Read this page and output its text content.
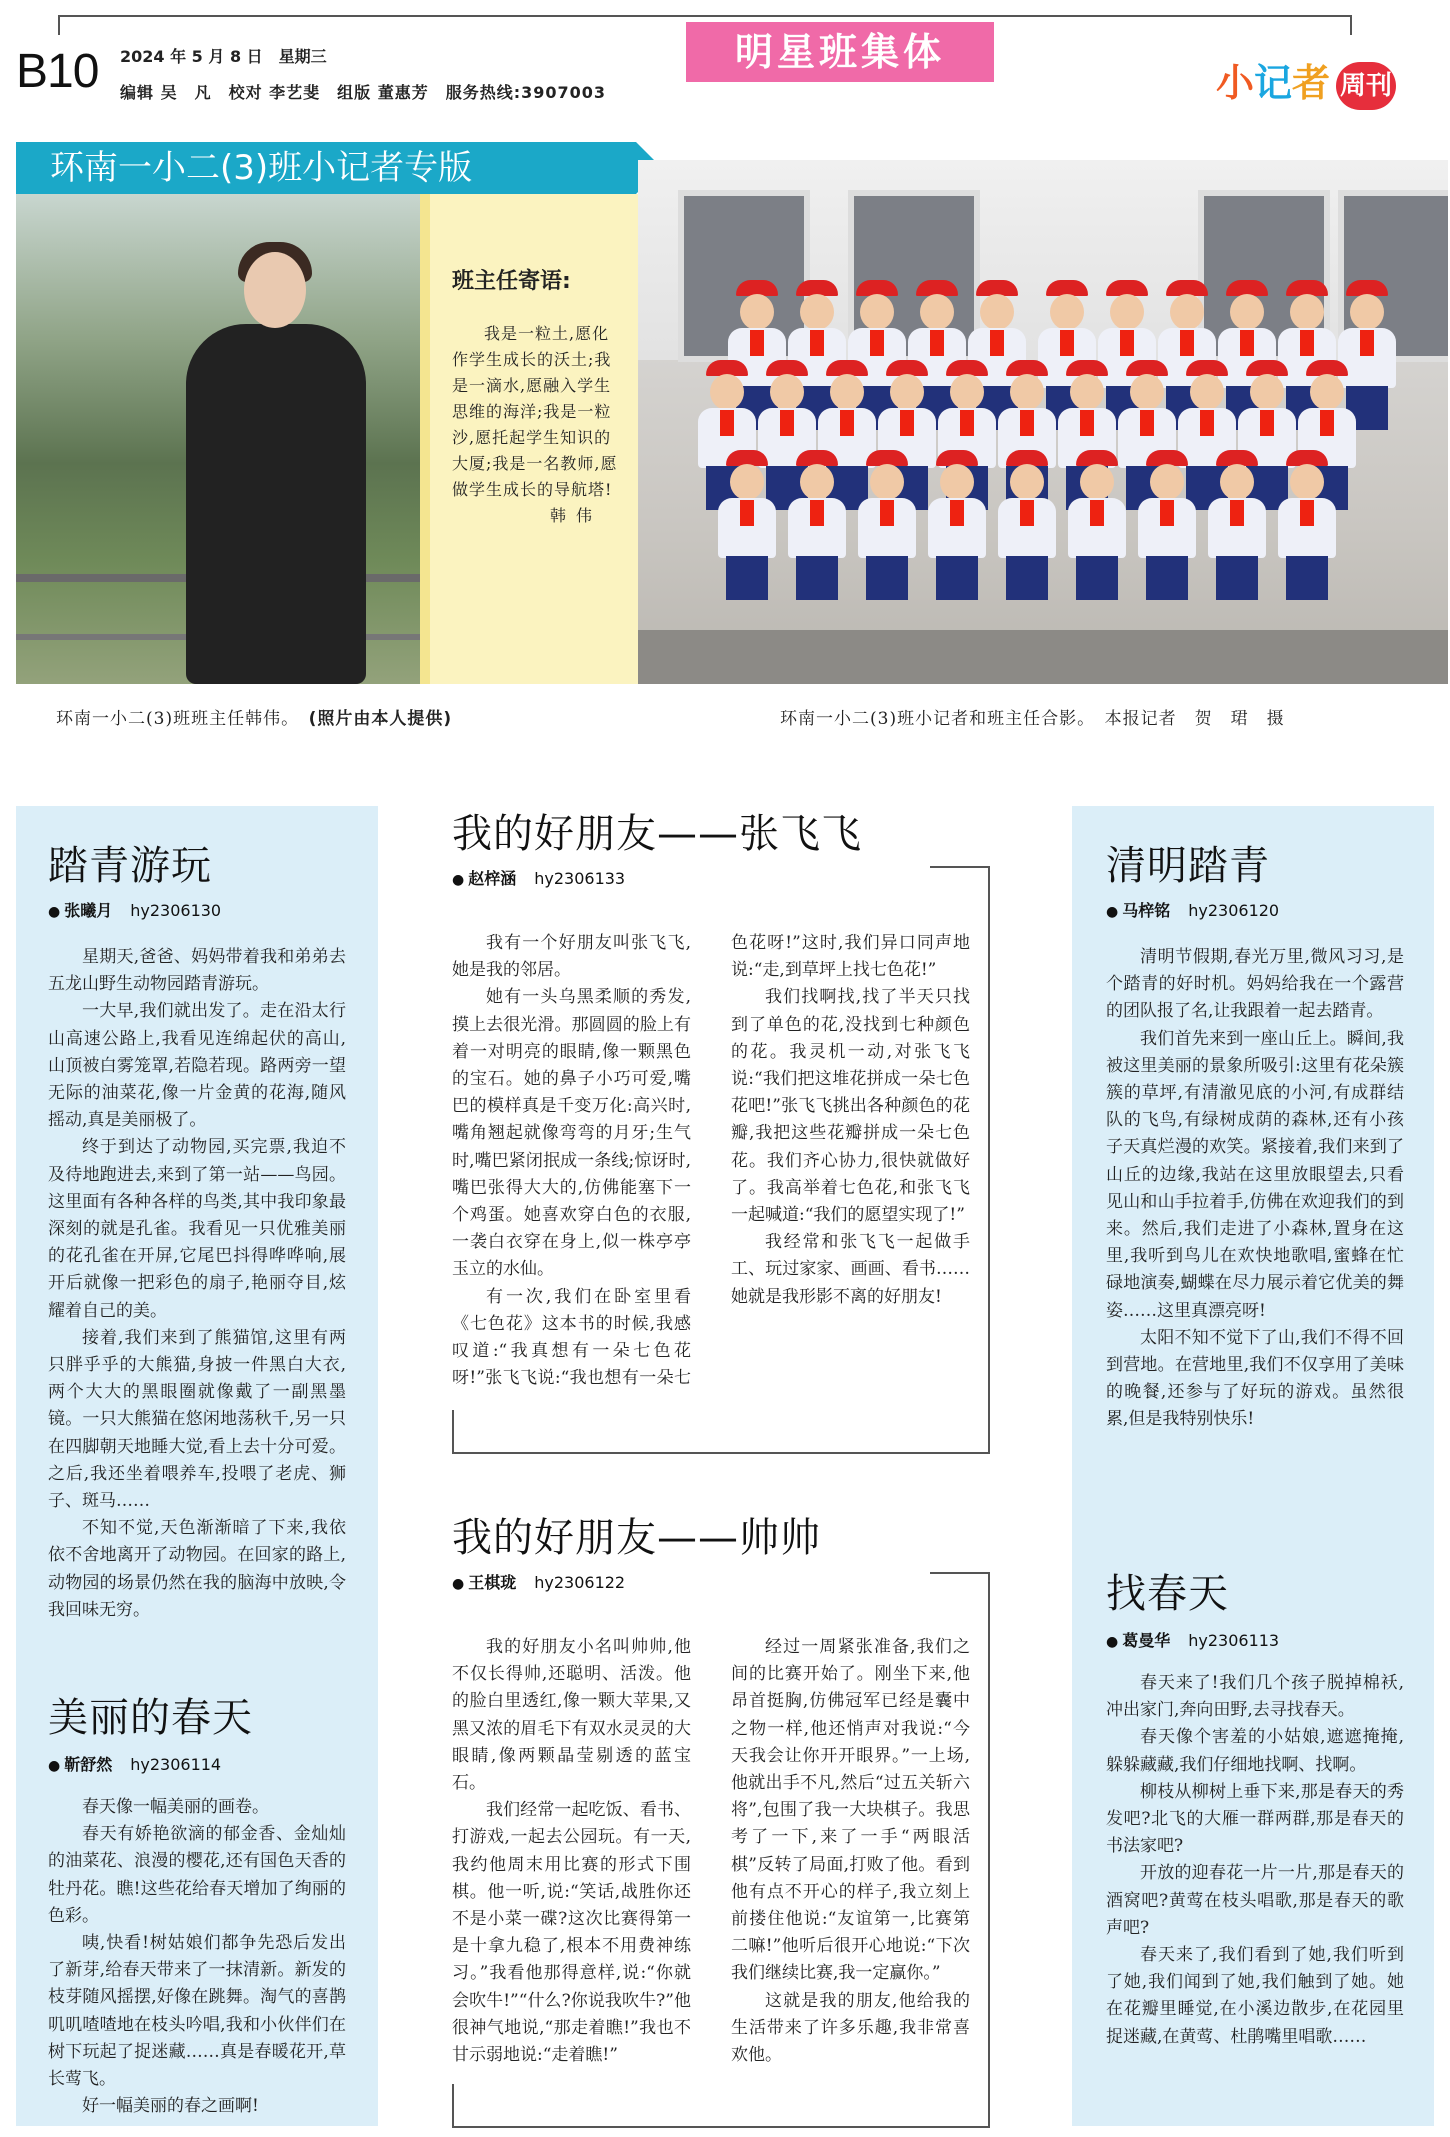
B10 2024 年 5 月 8 日　星期三
编辑 吴　凡　校对 李艺斐　组版 董惠芳　服务热线:3907003
明星班集体
小记者 周刊
环南一小二(3)班小记者专版
班主任寄语:
我是一粒土,愿化作学生成长的沃土;我是一滴水,愿融入学生思维的海洋;我是一粒沙,愿托起学生知识的大厦;我是一名教师,愿做学生成长的导航塔!
韩伟
环南一小二(3)班班主任韩伟。　 (照片由本人提供)	环南一小二(3)班小记者和班主任合影。　 本报记者　贺　珺　摄
踏青游玩
● 张曦月 hy2306130

星期天,爸爸、妈妈带着我和弟弟去五龙山野生动物园踏青游玩。

一大早,我们就出发了。走在沿太行山高速公路上,我看见连绵起伏的高山,山顶被白雾笼罩,若隐若现。路两旁一望无际的油菜花,像一片金黄的花海,随风摇动,真是美丽极了。

终于到达了动物园,买完票,我迫不及待地跑进去,来到了第一站——鸟园。这里面有各种各样的鸟类,其中我印象最深刻的就是孔雀。我看见一只优雅美丽的花孔雀在开屏,它尾巴抖得哗哗响,展开后就像一把彩色的扇子,艳丽夺目,炫耀着自己的美。

接着,我们来到了熊猫馆,这里有两只胖乎乎的大熊猫,身披一件黑白大衣,两个大大的黑眼圈就像戴了一副黑墨镜。一只大熊猫在悠闲地荡秋千,另一只在四脚朝天地睡大觉,看上去十分可爱。之后,我还坐着喂养车,投喂了老虎、狮子、斑马……

不知不觉,天色渐渐暗了下来,我依依不舍地离开了动物园。在回家的路上,动物园的场景仍然在我的脑海中放映,令我回味无穷。

美丽的春天
● 靳舒然 hy2306114

春天像一幅美丽的画卷。

春天有娇艳欲滴的郁金香、金灿灿的油菜花、浪漫的樱花,还有国色天香的牡丹花。瞧!这些花给春天增加了绚丽的色彩。

咦,快看!树姑娘们都争先恐后发出了新芽,给春天带来了一抹清新。新发的枝芽随风摇摆,好像在跳舞。淘气的喜鹊叽叽喳喳地在枝头吟唱,我和小伙伴们在树下玩起了捉迷藏……真是春暖花开,草长莺飞。

好一幅美丽的春之画啊!

我的好朋友——张飞飞
● 赵梓涵 hy2306133

我有一个好朋友叫张飞飞,她是我的邻居。

她有一头乌黑柔顺的秀发,摸上去很光滑。那圆圆的脸上有着一对明亮的眼睛,像一颗黑色的宝石。她的鼻子小巧可爱,嘴巴的模样真是千变万化:高兴时,嘴角翘起就像弯弯的月牙;生气时,嘴巴紧闭抿成一条线;惊讶时,嘴巴张得大大的,仿佛能塞下一个鸡蛋。她喜欢穿白色的衣服,一袭白衣穿在身上,似一株亭亭玉立的水仙。

有一次,我们在卧室里看《七色花》这本书的时候,我感叹道:“我真想有一朵七色花呀!”张飞飞说:“我也想有一朵七色花呀!”这时,我们异口同声地说:“走,到草坪上找七色花!”

我们找啊找,找了半天只找到了单色的花,没找到七种颜色的花。我灵机一动,对张飞飞说:“我们把这堆花拼成一朵七色花吧!”张飞飞挑出各种颜色的花瓣,我把这些花瓣拼成一朵七色花。我们齐心协力,很快就做好了。我高举着七色花,和张飞飞一起喊道:“我们的愿望实现了!”

我经常和张飞飞一起做手工、玩过家家、画画、看书……她就是我形影不离的好朋友!

我的好朋友——帅帅
● 王棋珑 hy2306122

我的好朋友小名叫帅帅,他不仅长得帅,还聪明、活泼。他的脸白里透红,像一颗大苹果,又黑又浓的眉毛下有双水灵灵的大眼睛,像两颗晶莹剔透的蓝宝石。

我们经常一起吃饭、看书、打游戏,一起去公园玩。有一天,我约他周末用比赛的形式下围棋。他一听,说:“笑话,战胜你还不是小菜一碟?这次比赛得第一是十拿九稳了,根本不用费神练习。”我看他那得意样,说:“你就会吹牛!”“什么?你说我吹牛?”他很神气地说,“那走着瞧!”我也不甘示弱地说:“走着瞧!”

经过一周紧张准备,我们之间的比赛开始了。刚坐下来,他昂首挺胸,仿佛冠军已经是囊中之物一样,他还悄声对我说:“今天我会让你开开眼界。”一上场,他就出手不凡,然后“过五关斩六将”,包围了我一大块棋子。我思考了一下,来了一手“两眼活棋”反转了局面,打败了他。看到他有点不开心的样子,我立刻上前搂住他说:“友谊第一,比赛第二嘛!”他听后很开心地说:“下次我们继续比赛,我一定赢你。”

这就是我的朋友,他给我的生活带来了许多乐趣,我非常喜欢他。

清明踏青
● 马梓铭 hy2306120

清明节假期,春光万里,微风习习,是个踏青的好时机。妈妈给我在一个露营的团队报了名,让我跟着一起去踏青。

我们首先来到一座山丘上。瞬间,我被这里美丽的景象所吸引:这里有花朵簇簇的草坪,有清澈见底的小河,有成群结队的飞鸟,有绿树成荫的森林,还有小孩子天真烂漫的欢笑。紧接着,我们来到了山丘的边缘,我站在这里放眼望去,只看见山和山手拉着手,仿佛在欢迎我们的到来。然后,我们走进了小森林,置身在这里,我听到鸟儿在欢快地歌唱,蜜蜂在忙碌地演奏,蝴蝶在尽力展示着它优美的舞姿……这里真漂亮呀!

太阳不知不觉下了山,我们不得不回到营地。在营地里,我们不仅享用了美味的晚餐,还参与了好玩的游戏。虽然很累,但是我特别快乐!

找春天
● 葛曼华 hy2306113

春天来了!我们几个孩子脱掉棉袄,冲出家门,奔向田野,去寻找春天。

春天像个害羞的小姑娘,遮遮掩掩,躲躲藏藏,我们仔细地找啊、找啊。

柳枝从柳树上垂下来,那是春天的秀发吧?北飞的大雁一群两群,那是春天的书法家吧?

开放的迎春花一片一片,那是春天的酒窝吧?黄莺在枝头唱歌,那是春天的歌声吧?

春天来了,我们看到了她,我们听到了她,我们闻到了她,我们触到了她。她在花瓣里睡觉,在小溪边散步,在花园里捉迷藏,在黄莺、杜鹃嘴里唱歌……
